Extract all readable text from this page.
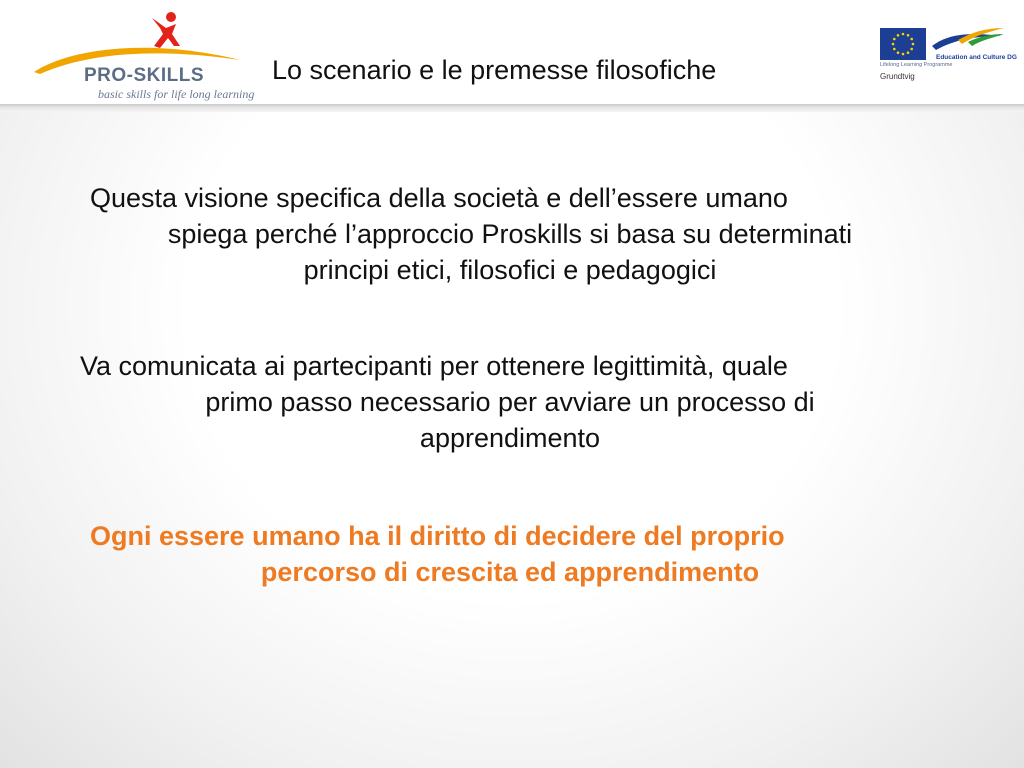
PRO-SKILLS
basic skills for life long learning
Lo scenario e le premesse filosofiche	Education and Culture DG
Lifelong Learning Programme
Grundtvig
Questa visione specifica della società e dell’essere umano
spiega perché l’approccio Proskills si basa su determinati
principi etici, filosofici e pedagogici
Va comunicata ai partecipanti per ottenere legittimità, quale
primo passo necessario per avviare un processo di
apprendimento
Ogni essere umano ha il diritto di decidere del proprio
percorso di crescita ed apprendimento
